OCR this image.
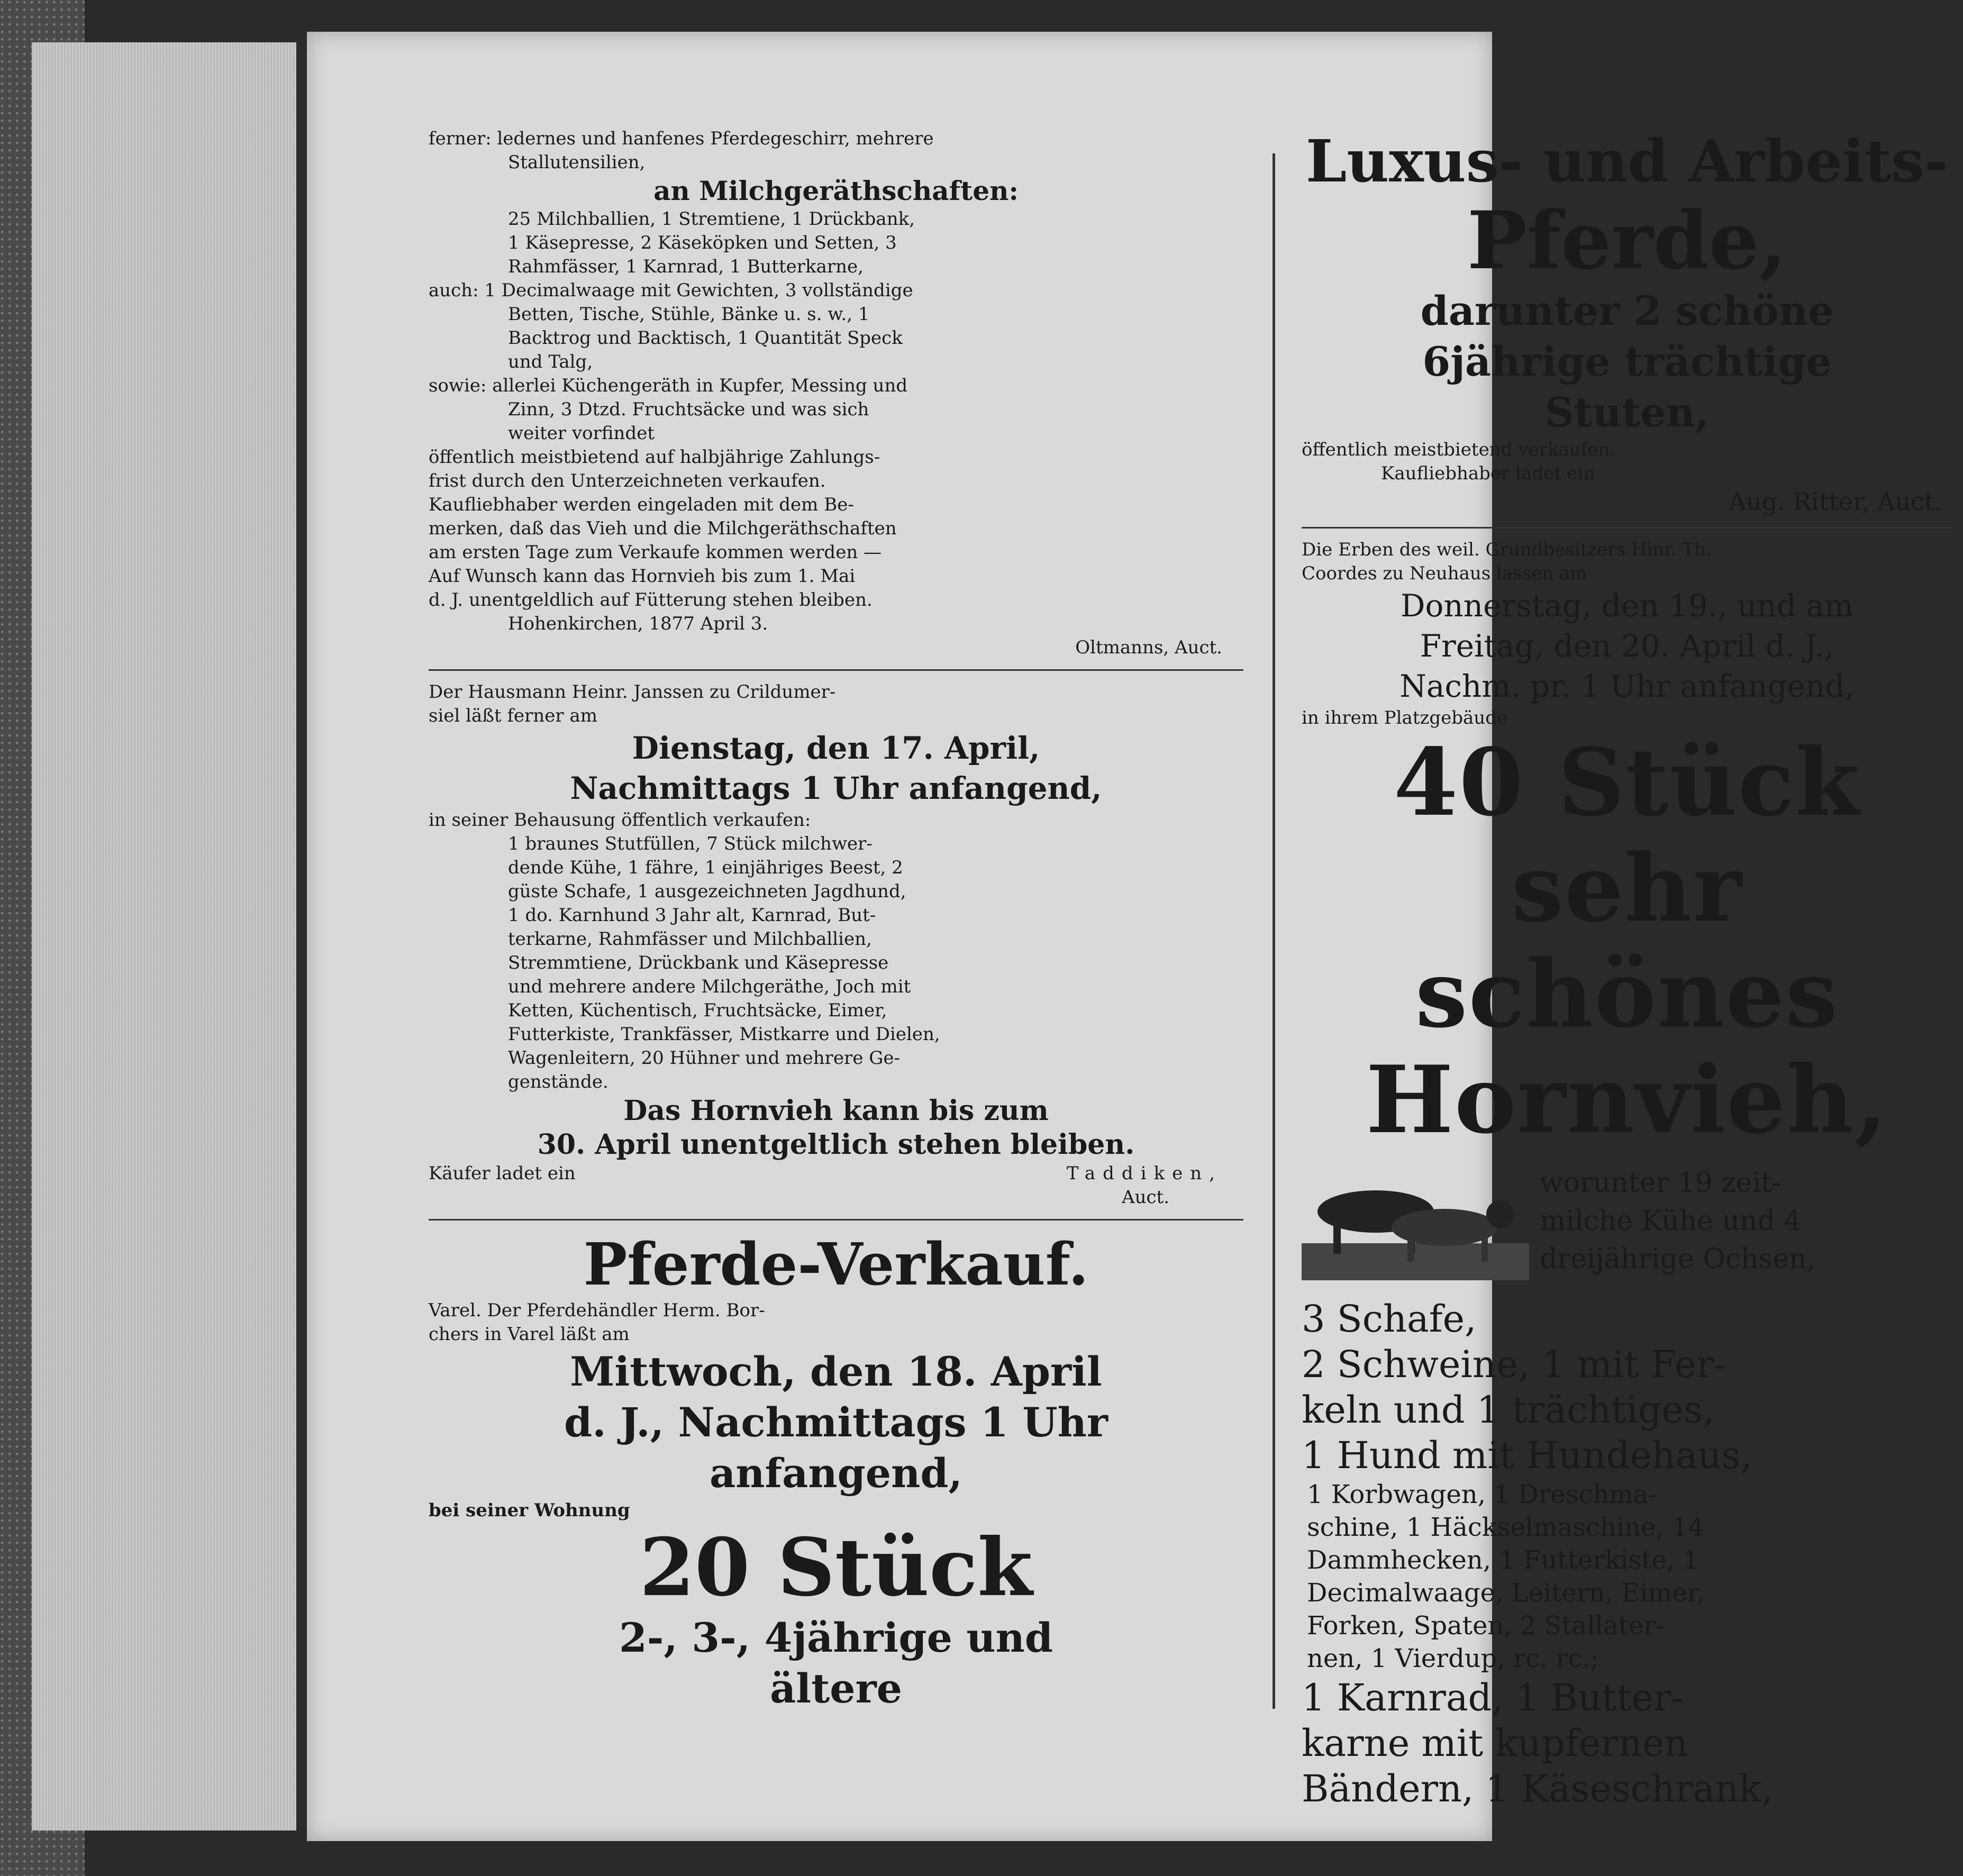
ferner: ledernes und hanfenes Pferdegeschirr, mehrere

Stallutensilien,

an Milchgeräthschaften:

25 Milchballien, 1 Stremtiene, 1 Drückbank,

1 Käsepresse, 2 Käseköpken und Setten, 3

Rahmfässer, 1 Karnrad, 1 Butterkarne,

auch: 1 Decimalwaage mit Gewichten, 3 vollständige

Betten, Tische, Stühle, Bänke u. s. w., 1

Backtrog und Backtisch, 1 Quantität Speck

und Talg,

sowie: allerlei Küchengeräth in Kupfer, Messing und

Zinn, 3 Dtzd. Fruchtsäcke und was sich

weiter vorfindet

öffentlich meistbietend auf halbjährige Zahlungs-

frist durch den Unterzeichneten verkaufen.

Kaufliebhaber werden eingeladen mit dem Be-

merken, daß das Vieh und die Milchgeräthschaften

am ersten Tage zum Verkaufe kommen werden —

Auf Wunsch kann das Hornvieh bis zum 1. Mai

d. J. unentgeldlich auf Fütterung stehen bleiben.

Hohenkirchen, 1877 April 3.

Oltmanns, Auct.

Der Hausmann Heinr. Janssen zu Crildumer-

siel läßt ferner am

Dienstag, den 17. April,

Nachmittags 1 Uhr anfangend,

in seiner Behausung öffentlich verkaufen:

1 braunes Stutfüllen, 7 Stück milchwer-

dende Kühe, 1 fähre, 1 einjähriges Beest, 2

güste Schafe, 1 ausgezeichneten Jagdhund,

1 do. Karnhund 3 Jahr alt, Karnrad, But-

terkarne, Rahmfässer und Milchballien,

Stremmtiene, Drückbank und Käsepresse

und mehrere andere Milchgeräthe, Joch mit

Ketten, Küchentisch, Fruchtsäcke, Eimer,

Futterkiste, Trankfässer, Mistkarre und Dielen,

Wagenleitern, 20 Hühner und mehrere Ge-

genstände.

Das Hornvieh kann bis zum

30. April unentgeltlich stehen bleiben.

Käufer ladet ein	Taddiken,

Auct.

Pferde-Verkauf.

Varel. Der Pferdehändler Herm. Bor-

chers in Varel läßt am

Mittwoch, den 18. April

d. J., Nachmittags 1 Uhr

anfangend,

bei seiner Wohnung

20 Stück

2-, 3-, 4jährige und

ältere

Luxus- und Arbeits-

Pferde,

darunter 2 schöne

6jährige trächtige

Stuten,

öffentlich meistbietend verkaufen.

Kaufliebhaber ladet ein

Aug. Ritter, Auct.

Die Erben des weil. Grundbesitzers Hinr. Th.

Coordes zu Neuhaus lassen am

Donnerstag, den 19., und am

Freitag, den 20. April d. J.,

Nachm. pr. 1 Uhr anfangend,

in ihrem Platzgebäude

40 Stück

sehr schönes

Hornvieh,

worunter 19 zeit-

milche Kühe und 4

dreijährige Ochsen,

3 Schafe,

2 Schweine, 1 mit Fer-

keln und 1 trächtiges,

1 Hund mit Hundehaus,

1 Korbwagen, 1 Dreschma-

schine, 1 Häckselmaschine, 14

Dammhecken, 1 Futterkiste, 1

Decimalwaage, Leitern, Eimer,

Forken, Spaten, 2 Stallater-

nen, 1 Vierdup, rc. rc.;

1 Karnrad, 1 Butter-

karne mit kupfernen

Bändern, 1 Käseschrank,
